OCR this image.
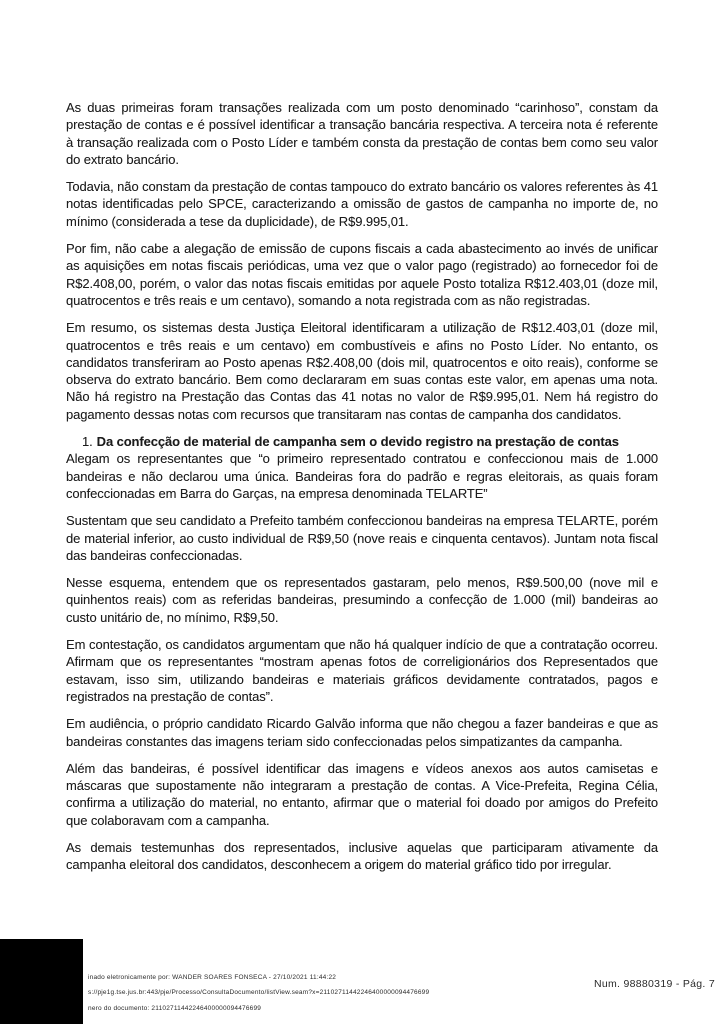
As duas primeiras foram transações realizada com um posto denominado “carinhoso”, constam da prestação de contas e é possível identificar a transação bancária respectiva. A terceira nota é referente à transação realizada com o Posto Líder e também consta da prestação de contas bem como seu valor do extrato bancário.

Todavia, não constam da prestação de contas tampouco do extrato bancário os valores referentes às 41 notas identificadas pelo SPCE, caracterizando a omissão de gastos de campanha no importe de, no mínimo (considerada a tese da duplicidade), de R$9.995,01.

Por fim, não cabe a alegação de emissão de cupons fiscais a cada abastecimento ao invés de unificar as aquisições em notas fiscais periódicas, uma vez que o valor pago (registrado) ao fornecedor foi de R$2.408,00, porém, o valor das notas fiscais emitidas por aquele Posto totaliza R$12.403,01 (doze mil, quatrocentos e três reais e um centavo), somando a nota registrada com as não registradas.

Em resumo, os sistemas desta Justiça Eleitoral identificaram a utilização de R$12.403,01 (doze mil, quatrocentos e três reais e um centavo) em combustíveis e afins no Posto Líder. No entanto, os candidatos transferiram ao Posto apenas R$2.408,00 (dois mil, quatrocentos e oito reais), conforme se observa do extrato bancário. Bem como declararam em suas contas este valor, em apenas uma nota. Não há registro na Prestação das Contas das 41 notas no valor de R$9.995,01. Nem há registro do pagamento dessas notas com recursos que transitaram nas contas de campanha dos candidatos.

1. Da confecção de material de campanha sem o devido registro na prestação de contas

Alegam os representantes que “o primeiro representado contratou e confeccionou mais de 1.000 bandeiras e não declarou uma única. Bandeiras fora do padrão e regras eleitorais, as quais foram confeccionadas em Barra do Garças, na empresa denominada TELARTE”

Sustentam que seu candidato a Prefeito também confeccionou bandeiras na empresa TELARTE, porém de material inferior, ao custo individual de R$9,50 (nove reais e cinquenta centavos). Juntam nota fiscal das bandeiras confeccionadas.

Nesse esquema, entendem que os representados gastaram, pelo menos, R$9.500,00 (nove mil e quinhentos reais) com as referidas bandeiras, presumindo a confecção de 1.000 (mil) bandeiras ao custo unitário de, no mínimo, R$9,50.

Em contestação, os candidatos argumentam que não há qualquer indício de que a contratação ocorreu. Afirmam que os representantes “mostram apenas fotos de correligionários dos Representados que estavam, isso sim, utilizando bandeiras e materiais gráficos devidamente contratados, pagos e registrados na prestação de contas”.

Em audiência, o próprio candidato Ricardo Galvão informa que não chegou a fazer bandeiras e que as bandeiras constantes das imagens teriam sido confeccionadas pelos simpatizantes da campanha.

Além das bandeiras, é possível identificar das imagens e vídeos anexos aos autos camisetas e máscaras que supostamente não integraram a prestação de contas. A Vice-Prefeita, Regina Célia, confirma a utilização do material, no entanto, afirmar que o material foi doado por amigos do Prefeito que colaboravam com a campanha.

As demais testemunhas dos representados, inclusive aquelas que participaram ativamente da campanha eleitoral dos candidatos, desconhecem a origem do material gráfico tido por irregular.

inado eletronicamente por: WANDER SOARES FONSECA - 27/10/2021 11:44:22
s://pje1g.tse.jus.br:443/pje/Processo/ConsultaDocumento/listView.seam?x=21102711442246400000094476699
nero do documento: 21102711442246400000094476699
Num. 98880319 - Pág. 7
